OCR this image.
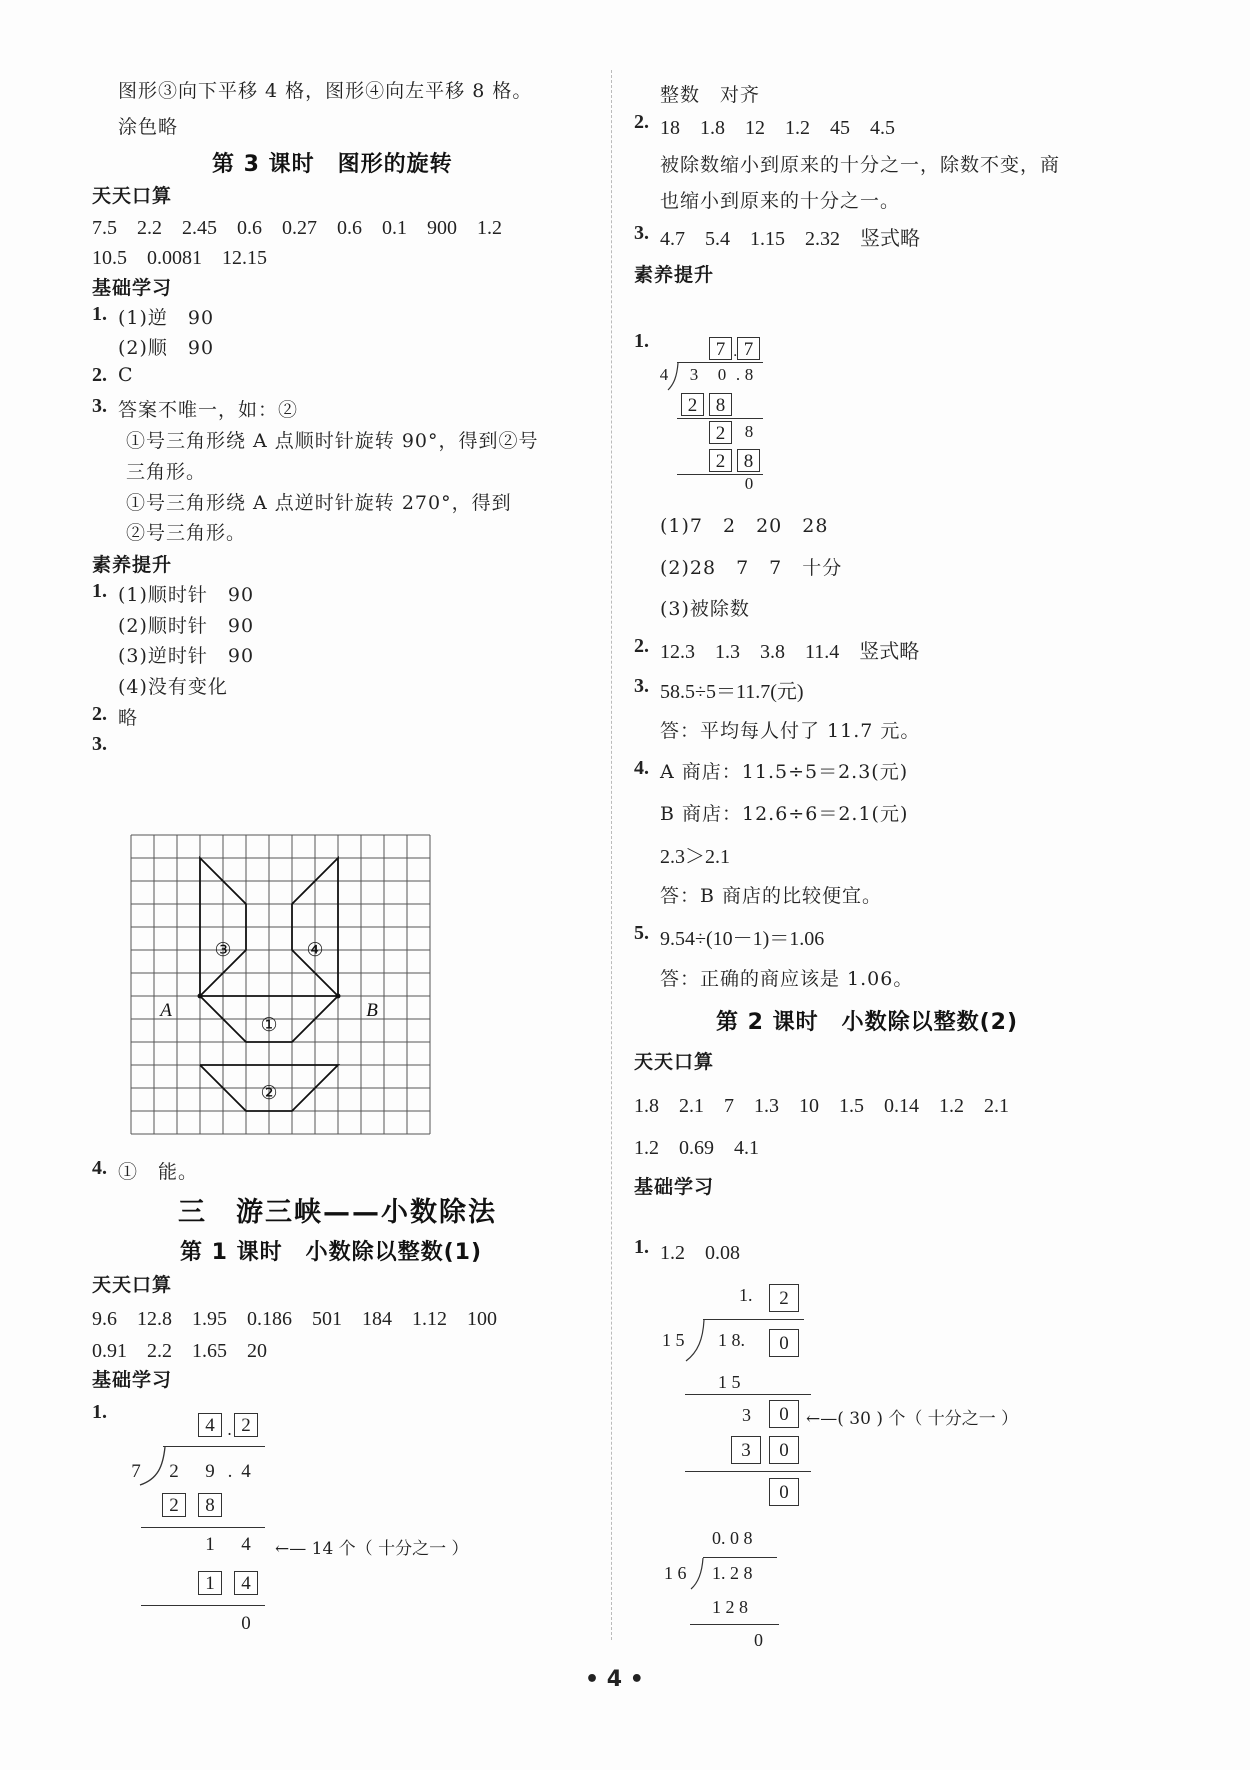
图形③向下平移 4 格，图形④向左平移 8 格。
涂色略
第 3 课时　图形的旋转
天天口算
7.5　2.2　2.45　0.6　0.27　0.6　0.1　900　1.2
10.5　0.0081　12.15
基础学习
1. (1)逆　90
(2)顺　90
2. C
3. 答案不唯一，如：②
①号三角形绕 A 点顺时针旋转 90°，得到②号
三角形。
①号三角形绕 A 点逆时针旋转 270°，得到
②号三角形。
素养提升
1. (1)顺时针　90
(2)顺时针　90
(3)逆时针　90
(4)没有变化
2. 略
3.
A	B
①
②
③	④
4. ①　能。
三　游三峡——小数除法
第 1 课时　小数除以整数(1)
天天口算
9.6　12.8　1.95　0.186　501　184　1.12　100
0.91　2.2　1.65　20
基础学习
1.
4 . 2
7	2	9 . 4
2	8
1	4	←— 14 个（ 十分之一 ）
1	4
0
整数　对齐
2. 18　1.8　12　1.2　45　4.5
被除数缩小到原来的十分之一，除数不变，商
也缩小到原来的十分之一。
3. 4.7　5.4　1.15　2.32　竖式略
素养提升
1.	7 . 7
4	3	0 . 8
2 8
2	8
2 8
0
(1)7　2　20　28
(2)28　7　7　十分
(3)被除数
2. 12.3　1.3　3.8　11.4　竖式略
3. 58.5÷5＝11.7(元)
答：平均每人付了 11.7 元。
4. A 商店：11.5÷5＝2.3(元)
B 商店：12.6÷6＝2.1(元)
2.3＞2.1
答：B 商店的比较便宜。
5. 9.54÷(10－1)＝1.06
答：正确的商应该是 1.06。
第 2 课时　小数除以整数(2)
天天口算
1.8　2.1　7　1.3　10　1.5　0.14　1.2　2.1
1.2　0.69　4.1
基础学习
1. 1.2　0.08
1.	2
1 5 1 8.	0
1 5
3	0	←—( 30 ) 个（ 十分之一 ）
3	0
0
0. 0 8
1 6 1. 2 8
1 2 8
0
• 4 •
